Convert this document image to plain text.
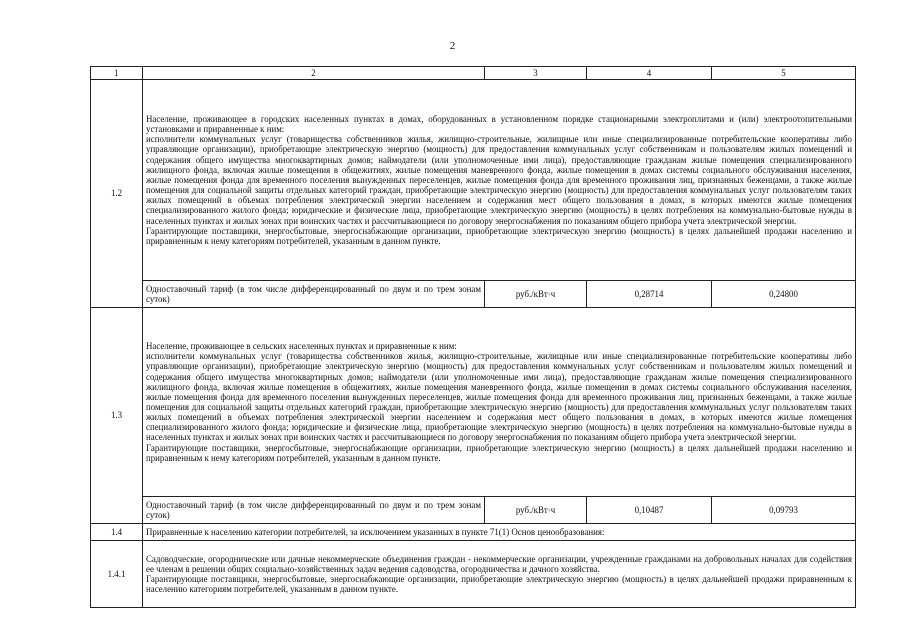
2
1	2	3	4	5
1.2	Население, проживающее в городских населенных пунктах в домах, оборудованных в установленном порядке стационарными электроплитами и (или) электроотопительными установками и приравненные к ним:

исполнители коммунальных услуг (товарищества собственников жилья, жилищно-строительные, жилищные или иные специализированные потребительские кооперативы либо управляющие организации), приобретающие электрическую энергию (мощность) для предоставления коммунальных услуг собственникам и пользователям жилых помещений и содержания общего имущества многоквартирных домов; наймодатели (или уполномоченные ими лица), предоставляющие гражданам жилые помещения специализированного жилищного фонда, включая жилые помещения в общежитиях, жилые помещения маневренного фонда, жилые помещения в домах системы социального обслуживания населения, жилые помещения фонда для временного поселения вынужденных переселенцев, жилые помещения фонда для временного проживания лиц, признанных беженцами, а также жилые помещения для социальной защиты отдельных категорий граждан, приобретающие электрическую энергию (мощность) для предоставления коммунальных услуг пользователям таких жилых помещений в объемах потребления электрической энергии населением и содержания мест общего пользования в домах, в которых имеются жилые помещения специализированного жилого фонда; юридические и физические лица, приобретающие электрическую энергию (мощность) в целях потребления на коммунально-бытовые нужды в населенных пунктах и жилых зонах при воинских частях и рассчитывающиеся по договору энергоснабжения по показаниям общего прибора учета электрической энергии.

Гарантирующие поставщики, энергосбытовые, энергоснабжающие организации, приобретающие электрическую энергию (мощность) в целях дальнейшей продажи населению и приравненным к нему категориям потребителей, указанным в данном пункте.			

	Одноставочный тариф (в том числе дифференцированный по двум и по трем зонам суток)	руб./кВт·ч	0,28714	0,24800
1.3	Население, проживающее в сельских населенных пунктах и приравненные к ним:

исполнители коммунальных услуг (товарищества собственников жилья, жилищно-строительные, жилищные или иные специализированные потребительские кооперативы либо управляющие организации), приобретающие электрическую энергию (мощность) для предоставления коммунальных услуг собственникам и пользователям жилых помещений и содержания общего имущества многоквартирных домов; наймодатели (или уполномоченные ими лица), предоставляющие гражданам жилые помещения специализированного жилищного фонда, включая жилые помещения в общежитиях, жилые помещения маневренного фонда, жилые помещения в домах системы социального обслуживания населения, жилые помещения фонда для временного поселения вынужденных переселенцев, жилые помещения фонда для временного проживания лиц, признанных беженцами, а также жилые помещения для социальной защиты отдельных категорий граждан, приобретающие электрическую энергию (мощность) для предоставления коммунальных услуг пользователям таких жилых помещений в объемах потребления электрической энергии населением и содержания мест общего пользования в домах, в которых имеются жилые помещения специализированного жилого фонда; юридические и физические лица, приобретающие электрическую энергию (мощность) в целях потребления на коммунально-бытовые нужды в населенных пунктах и жилых зонах при воинских частях и рассчитывающиеся по договору энергоснабжения по показаниям общего прибора учета электрической энергии.

Гарантирующие поставщики, энергосбытовые, энергоснабжающие организации, приобретающие электрическую энергию (мощность) в целях дальнейшей продажи населению и приравненным к нему категориям потребителей, указанным в данном пункте.			

	Одноставочный тариф (в том числе дифференцированный по двум и по трем зонам суток)	руб./кВт·ч	0,10487	0,09793
1.4	Приравненные к населению категории потребителей, за исключением указанных в пункте 71(1) Основ ценообразования:			
1.4.1	Садоводческие, огороднические или дачные некоммерческие объединения граждан - некоммерческие организации, учрежденные гражданами на добровольных началах для содействия ее членам в решении общих социально-хозяйственных задач ведения садоводства, огородничества и дачного хозяйства.

Гарантирующие поставщики, энергосбытовые, энергоснабжающие организации, приобретающие электрическую энергию (мощность) в целях дальнейшей продажи приравненным к населению категориям потребителей, указанным в данном пункте.			
